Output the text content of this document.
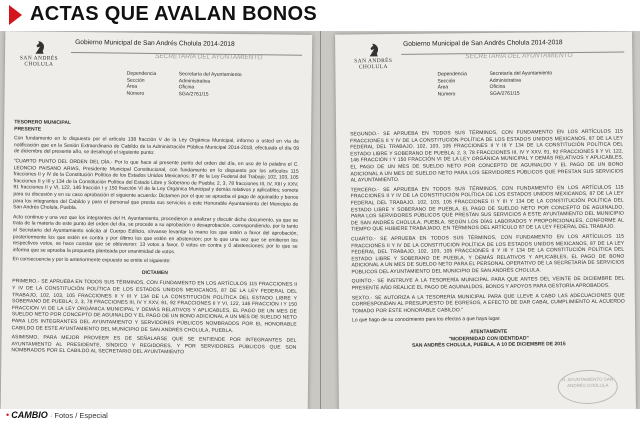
ACTAS QUE AVALAN BONOS
SAN ANDRÉS
CHOLULA
Gobierno Municipal de San Andrés Cholula 2014-2018
SECRETARÍA DEL AYUNTAMIENTO
Dependencia	Secretaría del Ayuntamiento
Sección	Administrativa
Área	Oficina
Número	SGA/2761/15

TESORERO MUNICIPAL

PRESENTE

Con fundamento en lo dispuesto por el artículo 138 fracción V de la Ley Orgánica Municipal, informo a usted en vía de notificación que en la Sesión Extraordinaria de Cabildo de la Administración Pública Municipal 2014-2018, efectuada el día 09 de diciembre del presente año, se desahogó el siguiente punto:

"CUARTO PUNTO DEL ORDEN DEL DÍA.- Por lo que hace al presente punto del orden del día, en uso de la palabra el C. LEONCIO PAISANO ARIAS, Presidente Municipal Constitucional, con fundamento en lo dispuesto por los artículos 115 fracciones II y IV de la Constitución Política de los Estados Unidos Mexicanos; 87 de la Ley Federal del Trabajo; 102, 103, 105 fracciones II y III y 134 de la Constitución Política del Estado Libre y Soberano de Puebla; 2, 3, 78 fracciones III, IV, XIII y XXV, 91 fracciones II y VI, 122, 146 fracción I y 150 fracción VI de la Ley Orgánica Municipal y demás relativos y aplicables; somete para su discusión y en su caso aprobación el siguiente acuerdo: Dictamen por el que se aprueba el pago de aguinaldo y bonos para los integrantes del Cabildo y para el personal que presta sus servicios a este Honorable Ayuntamiento del Municipio de San Andrés Cholula, Puebla.

Acto continuo y una vez que los integrantes del H. Ayuntamiento, procedieron a analizar y discutir dicho documento, ya que se trata de la materia de este punto del orden del día, se procede a su aprobación o desaprobación, correspondiendo, por lo tanto al Secretario del Ayuntamiento solicita al Cuerpo Edilicio, sírvanse levantar la mano los que estén a favor del aprobación, posteriormente los que estén en contra y por último los que estén en abstención; por lo que una vez que se emitieron los respectivos votos, se hace constar que se obtuvieron: 13 votos a favor, 0 votos en contra y 0 abstenciones; por lo que se informa que se aprueba la propuesta planteada por unanimidad de votos.

En consecuencia y por lo anteriormente expuesto se emite el siguiente:

DICTAMEN

PRIMERO.- SE APRUEBA EN TODOS SUS TÉRMINOS, CON FUNDAMENTO EN LOS ARTÍCULOS 115 FRACCIONES II Y IV DE LA CONSTITUCIÓN POLÍTICA DE LOS ESTADOS UNIDOS MEXICANOS, 87 DE LA LEY FEDERAL DEL TRABAJO, 102, 103, 105 FRACCIONES II Y III Y 134 DE LA CONSTITUCIÓN POLÍTICA DEL ESTADO LIBRE Y SOBERANO DE PUEBLA; 2, 3, 78 FRACCIONES III, IV Y XXV, 91, 92 FRACCIONES II Y VI, 122, 146 FRACCIÓN I Y 150 FRACCIÓN VI DE LA LEY ORGÁNICA MUNICIPAL Y DEMÁS RELATIVOS Y APLICABLES, EL PAGO DE UN MES DE SUELDO NETO POR CONCEPTO DE AGUINALDO Y EL PAGO DE UN BONO ADICIONAL A UN MES DE SUELDO NETO PARA LOS INTEGRANTES DEL AYUNTAMIENTO Y SERVIDORES PÚBLICOS NOMBRADOS POR EL HONORABLE CABILDO DE ESTE AYUNTAMIENTO DEL MUNICIPIO DE SAN ANDRÉS CHOLULA, PUEBLA.

ASIMISMO, PARA MEJOR PROVEER ES DE SEÑALARSE QUE SE ENTIENDE POR INTEGRANTES DEL AYUNTAMIENTO AL PRESIDENTE, SÍNDICO Y REGIDORES, Y POR SERVIDORES PÚBLICOS QUE SON NOMBRADOS POR EL CABILDO AL SECRETARIO DEL AYUNTAMIENTO

SAN ANDRÉS
CHOLULA
Gobierno Municipal de San Andrés Cholula 2014-2018
SECRETARÍA DEL AYUNTAMIENTO
Dependencia	Secretaría del Ayuntamiento
Sección	Administrativa
Área	Oficina
Número	SGA/2761/15

SEGUNDO.- SE APRUEBA EN TODOS SUS TÉRMINOS, CON FUNDAMENTO EN LOS ARTÍCULOS 115 FRACCIONES II Y IV DE LA CONSTITUCIÓN POLÍTICA DE LOS ESTADOS UNIDOS MEXICANOS, 87 DE LA LEY FEDERAL DEL TRABAJO, 102, 103, 105 FRACCIONES II Y III Y 134 DE LA CONSTITUCIÓN POLÍTICA DEL ESTADO LIBRE Y SOBERANO DE PUEBLA; 2, 3, 78 FRACCIONES III, IV Y XXV, 91, 92 FRACCIONES II Y VI, 122, 146 FRACCIÓN I Y 150 FRACCIÓN VI DE LA LEY ORGÁNICA MUNICIPAL Y DEMÁS RELATIVOS Y APLICABLES, EL PAGO DE UN MES DE SUELDO NETO POR CONCEPTO DE AGUINALDO Y EL PAGO DE UN BONO ADICIONAL A UN MES DE SUELDO NETO PARA LOS SERVIDORES PÚBLICOS QUE PRESTAN SUS SERVICIOS AL AYUNTAMIENTO.

TERCERO.- SE APRUEBA EN TODOS SUS TÉRMINOS, CON FUNDAMENTO EN LOS ARTÍCULOS 115 FRACCIONES II Y IV DE LA CONSTITUCIÓN POLÍTICA DE LOS ESTADOS UNIDOS MEXICANOS, 87 DE LA LEY FEDERAL DEL TRABAJO, 102, 103, 105 FRACCIONES II Y III Y 134 DE LA CONSTITUCIÓN POLÍTICA DEL ESTADO LIBRE Y SOBERANO DE PUEBLA, EL PAGO DE SUELDO NETO POR CONCEPTO DE AGUINALDO, PARA LOS SERVIDORES PÚBLICOS QUE PRESTAN SUS SERVICIOS A ESTE AYUNTAMIENTO DEL MUNICIPIO DE SAN ANDRÉS CHOLULA, PUEBLA, SEGÚN LOS DÍAS LABORADOS Y PROPORCIONALES, CONFORME AL TIEMPO QUE HUBIERE TRABAJADO, EN TÉRMINOS DEL ARTÍCULO 87 DE LA LEY FEDERAL DEL TRABAJO.

CUARTO.- SE APRUEBA EN TODOS SUS TÉRMINOS, CON FUNDAMENTO EN LOS ARTÍCULOS 115 FRACCIONES II Y IV DE LA CONSTITUCIÓN POLÍTICA DE LOS ESTADOS UNIDOS MEXICANOS, 87 DE LA LEY FEDERAL DEL TRABAJO, 102, 103, 105 FRACCIONES II Y III Y 134 DE LA CONSTITUCIÓN POLÍTICA DEL ESTADO LIBRE Y SOBERANO DE PUEBLA, Y DEMÁS RELATIVOS Y APLICABLES, EL PAGO DE BONO ADICIONAL A UN MES DE SUELDO NETO PARA EL PERSONAL OPERATIVO DE LA SECRETARÍA DE SERVICIOS PÚBLICOS DEL AYUNTAMIENTO DEL MUNICIPIO DE SAN ANDRÉS CHOLULA.

QUINTO.- SE INSTRUYE A LA TESORERÍA MUNICIPAL PARA QUE ANTES DEL VEINTE DE DICIEMBRE DEL PRESENTE AÑO REALICE EL PAGO DE AGUINALDOS, BONOS Y APOYOS PARA GESTORÍA APROBADOS.

SEXTO.- SE AUTORIZA A LA TESORERÍA MUNICIPAL PARA QUE LLEVE A CABO LAS ADECUACIONES QUE CORRESPONDAN AL PRESUPUESTO DE EGRESOS, A EFECTO DE DAR CABAL CUMPLIMIENTO AL ACUERDO TOMADO POR ESTE HONORABLE CABILDO."

Lo que hago de su conocimiento para los efectos a que haya lugar.

ATENTAMENTE
"MODERNIDAD CON IDENTIDAD"
SAN ANDRÉS CHOLULA, PUEBLA, A 10 DE DICIEMBRE DE 2015
H. AYUNTAMIENTO SAN ANDRÉS CHOLULA
• CAMBIO · Fotos / Especial
